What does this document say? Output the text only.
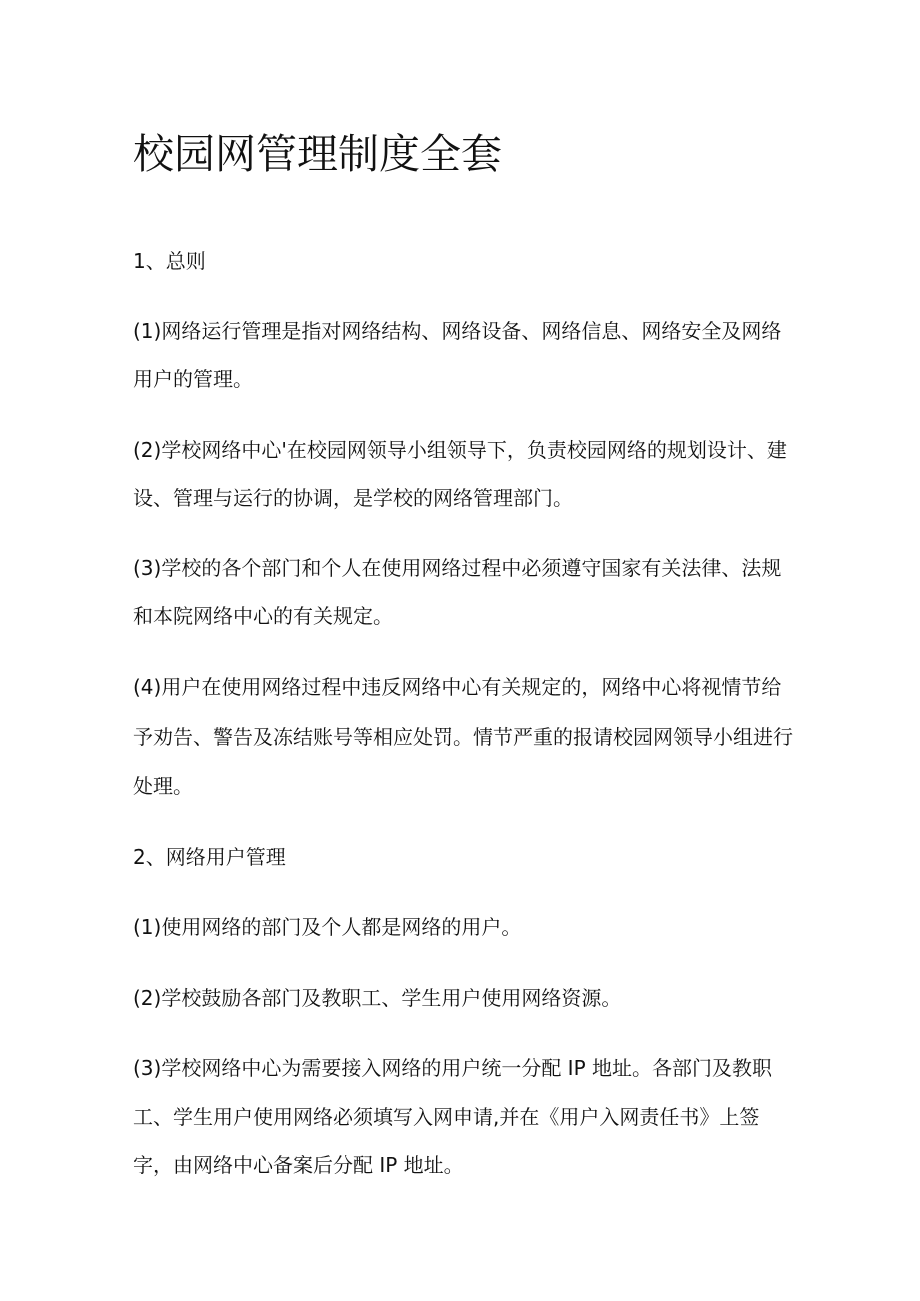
校园网管理制度全套

1、总则

(1)网络运行管理是指对网络结构、网络设备、网络信息、网络安全及网络

用户的管理。

(2)学校网络中心'在校园网领导小组领导下，负责校园网络的规划设计、建

设、管理与运行的协调，是学校的网络管理部门。

(3)学校的各个部门和个人在使用网络过程中必须遵守国家有关法律、法规

和本院网络中心的有关规定。

(4)用户在使用网络过程中违反网络中心有关规定的，网络中心将视情节给

予劝告、警告及冻结账号等相应处罚。情节严重的报请校园网领导小组进行

处理。

2、网络用户管理

(1)使用网络的部门及个人都是网络的用户。

(2)学校鼓励各部门及教职工、学生用户使用网络资源。

(3)学校网络中心为需要接入网络的用户统一分配 IP 地址。各部门及教职

工、学生用户使用网络必须填写入网申请,并在《用户入网责任书》上签

字，由网络中心备案后分配 IP 地址。
